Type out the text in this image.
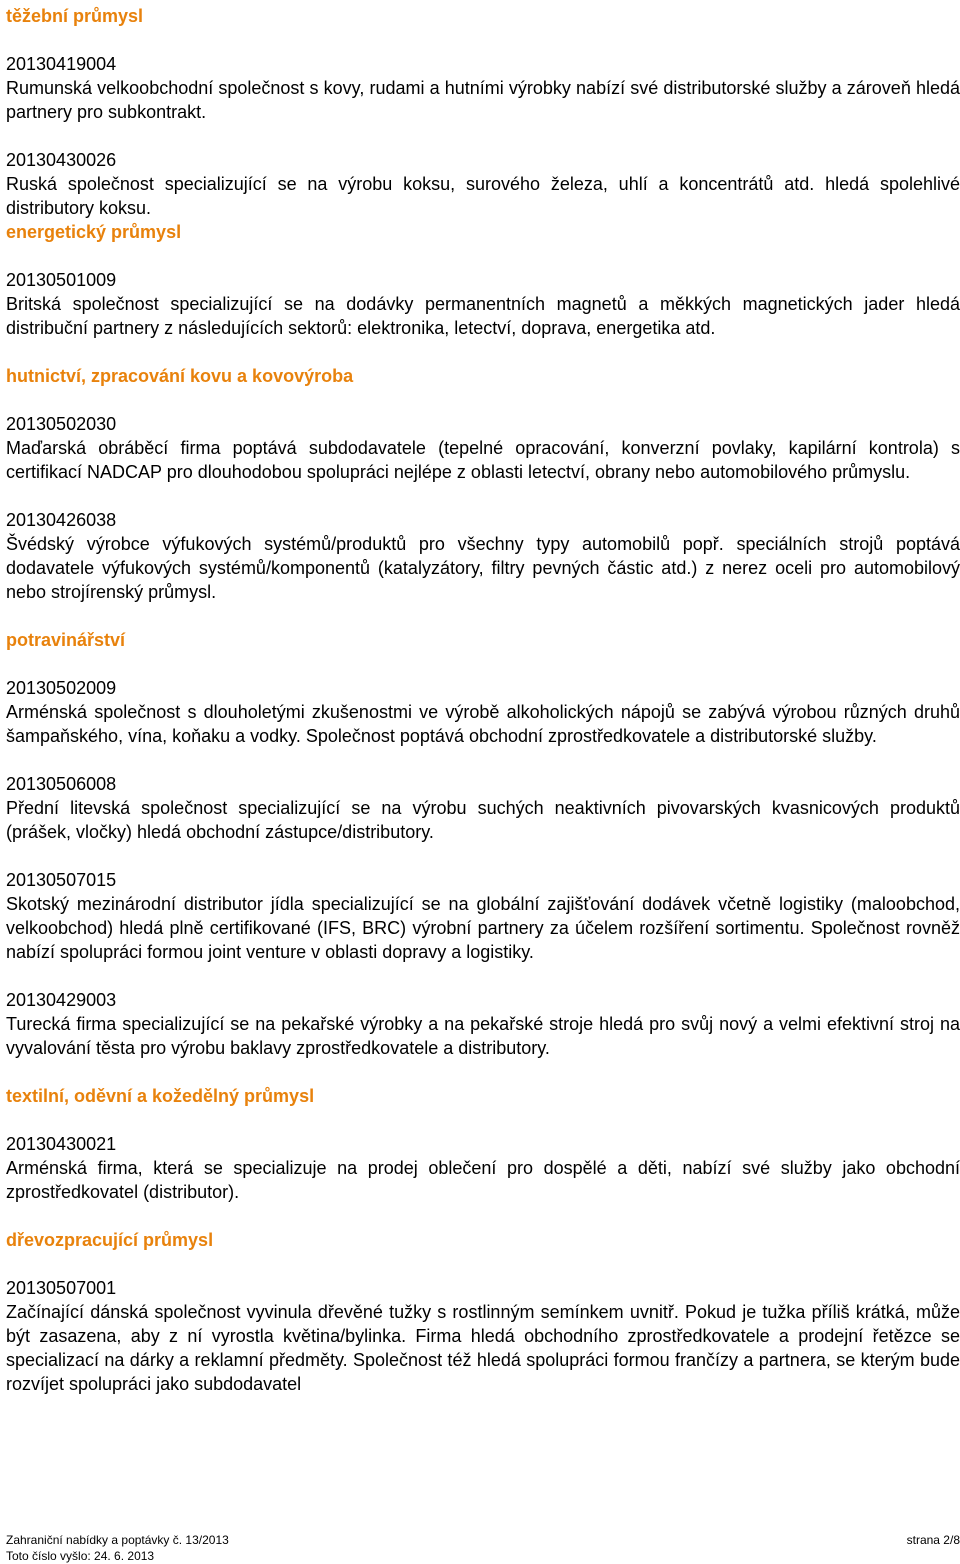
těžební průmysl
20130419004
Rumunská velkoobchodní společnost s kovy, rudami a hutními výrobky nabízí své distributorské služby a zároveň hledá partnery pro subkontrakt.
20130430026
Ruská společnost specializující se na výrobu koksu, surového železa, uhlí a koncentrátů atd. hledá spolehlivé distributory koksu.
energetický průmysl
20130501009
Britská společnost specializující se na dodávky permanentních magnetů a měkkých magnetických jader hledá distribuční partnery z následujících sektorů: elektronika, letectví, doprava, energetika atd.
hutnictví, zpracování kovu a kovovýroba
20130502030
Maďarská obráběcí firma poptává subdodavatele (tepelné opracování, konverzní povlaky, kapilární kontrola) s certifikací NADCAP pro dlouhodobou spolupráci nejlépe z oblasti letectví, obrany nebo automobilového průmyslu.
20130426038
Švédský výrobce výfukových systémů/produktů pro všechny typy automobilů popř. speciálních strojů poptává dodavatele výfukových systémů/komponentů (katalyzátory, filtry pevných částic atd.) z nerez oceli pro automobilový nebo strojírenský průmysl.
potravinářství
20130502009
Arménská společnost s dlouholetými zkušenostmi ve výrobě alkoholických nápojů se zabývá výrobou různých druhů šampaňského, vína, koňaku a vodky. Společnost poptává obchodní zprostředkovatele a distributorské služby.
20130506008
Přední litevská společnost specializující se na výrobu suchých neaktivních pivovarských kvasnicových produktů (prášek, vločky) hledá obchodní zástupce/distributory.
20130507015
Skotský mezinárodní distributor jídla specializující se na globální zajišťování dodávek včetně logistiky (maloobchod, velkoobchod) hledá plně certifikované (IFS, BRC) výrobní partnery za účelem rozšíření sortimentu. Společnost rovněž nabízí spolupráci formou joint venture v oblasti dopravy a logistiky.
20130429003
Turecká firma specializující se na pekařské výrobky a na pekařské stroje hledá pro svůj nový a velmi efektivní stroj na vyvalování těsta pro výrobu baklavy zprostředkovatele a distributory.
textilní, oděvní a kožedělný průmysl
20130430021
Arménská firma, která se specializuje na prodej oblečení pro dospělé a děti, nabízí své služby jako obchodní zprostředkovatel (distributor).
dřevozpracující průmysl
20130507001
Začínající dánská společnost vyvinula dřevěné tužky s rostlinným semínkem uvnitř. Pokud je tužka příliš krátká, může být zasazena, aby z ní vyrostla květina/bylinka. Firma hledá obchodního zprostředkovatele a prodejní řetězce se specializací na dárky a reklamní předměty. Společnost též hledá spolupráci formou frančízy a partnera, se kterým bude rozvíjet spolupráci jako subdodavatel
Zahraniční nabídky a poptávky č. 13/2013	strana 2/8
Toto číslo vyšlo: 24. 6. 2013
